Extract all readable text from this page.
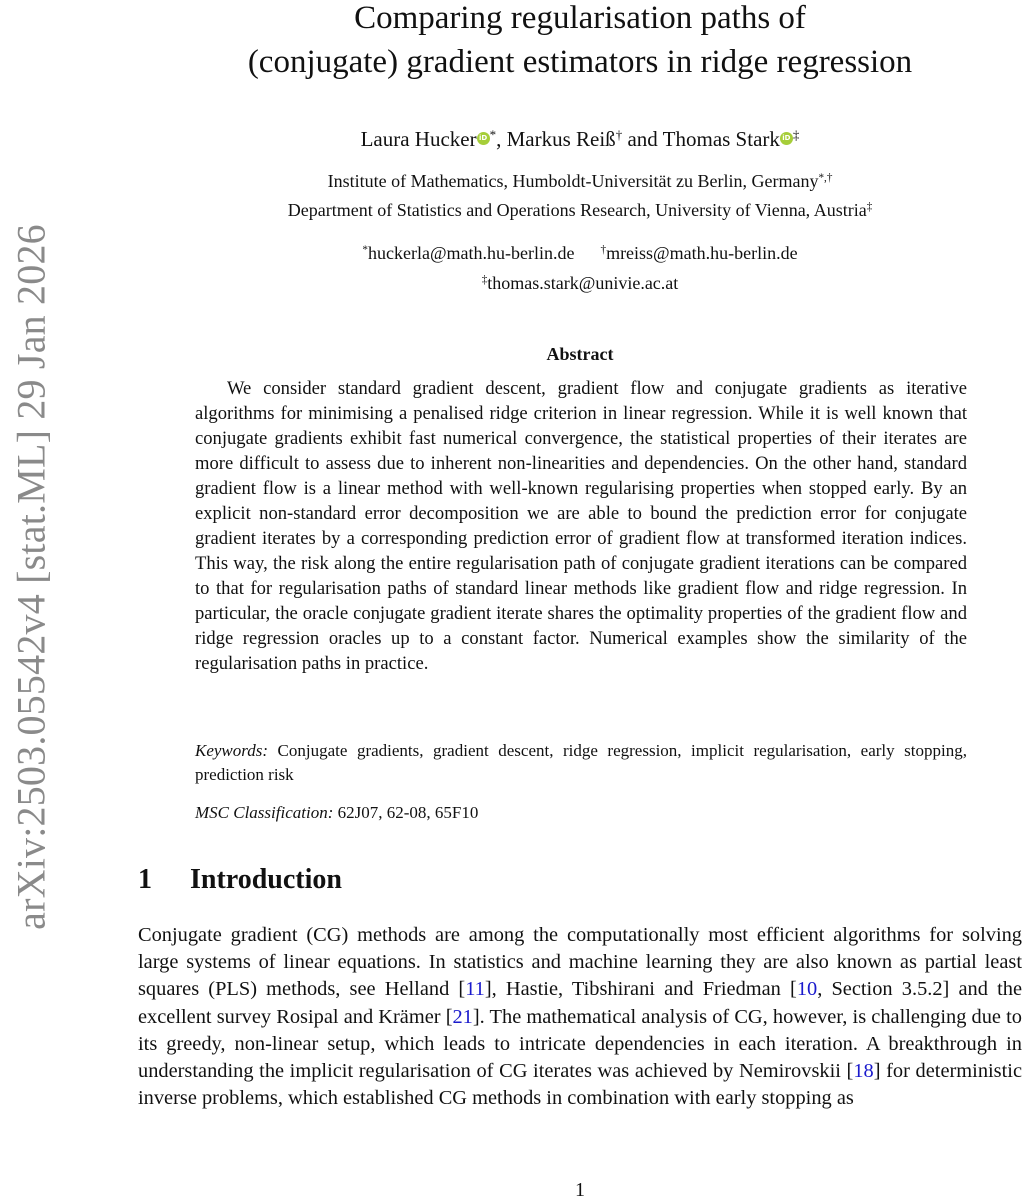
arXiv:2503.05542v4 [stat.ML] 29 Jan 2026
Comparing regularisation paths of
(conjugate) gradient estimators in ridge regression
Laura Hucker iD *, Markus Reiß† and Thomas Stark iD ‡
Institute of Mathematics, Humboldt-Universität zu Berlin, Germany*,†
Department of Statistics and Operations Research, University of Vienna, Austria‡
*huckerla@math.hu-berlin.de †mreiss@math.hu-berlin.de
‡thomas.stark@univie.ac.at
Abstract

We consider standard gradient descent, gradient flow and conjugate gradients as iterative algorithms for minimising a penalised ridge criterion in linear regression. While it is well known that conjugate gradients exhibit fast numerical convergence, the statistical properties of their iterates are more difficult to assess due to inherent non-linearities and dependencies. On the other hand, standard gradient flow is a linear method with well-known regularising properties when stopped early. By an explicit non-standard error decomposition we are able to bound the prediction error for conjugate gradient iterates by a corresponding prediction error of gradient flow at transformed iteration indices. This way, the risk along the entire regularisation path of conjugate gradient iterations can be compared to that for regularisation paths of standard linear methods like gradient flow and ridge regression. In particular, the oracle conjugate gradient iterate shares the optimality properties of the gradient flow and ridge regression oracles up to a constant factor. Numerical examples show the similarity of the regularisation paths in practice.

Keywords: Conjugate gradients, gradient descent, ridge regression, implicit regularisation, early stopping, prediction risk

MSC Classification: 62J07, 62-08, 65F10

1 Introduction

Conjugate gradient (CG) methods are among the computationally most efficient algorithms for solving large systems of linear equations. In statistics and machine learning they are also known as partial least squares (PLS) methods, see Helland [11], Hastie, Tibshirani and Friedman [10, Section 3.5.2] and the excellent survey Rosipal and Krämer [21]. The mathematical analysis of CG, however, is challenging due to its greedy, non-linear setup, which leads to intricate dependencies in each iteration. A breakthrough in understanding the implicit regularisation of CG iterates was achieved by Nemirovskii [18] for deterministic inverse problems, which established CG methods in combination with early stopping as

1
